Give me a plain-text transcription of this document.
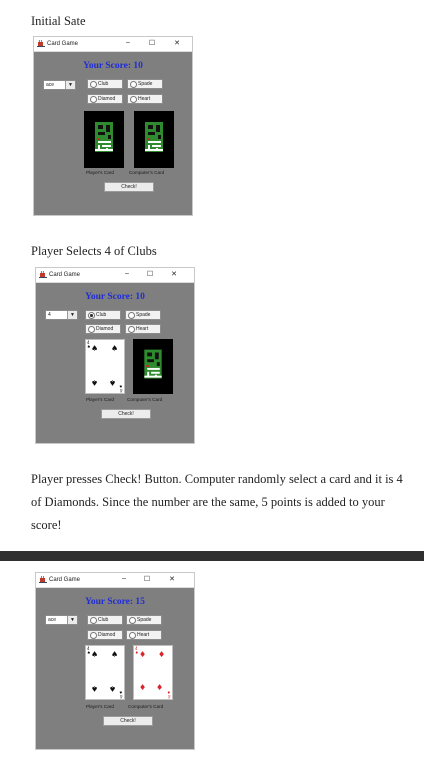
Initial Sate
Card Game	–	☐	✕
Your Score: 10
ace	▼	Club	Spade
Diamod	Heart
Player's Card	Computer's Card
Check!
Player Selects 4 of Clubs
Card Game	–	☐	✕
Your Score: 10
4	▼	Club	Spade
Diamod	Heart
4
♠ ♠ ♠
♠ ♠
4
♠
Player's Card	Computer's Card
Check!
Player presses Check! Button. Computer randomly select a card and it is 4 of Diamonds. Since the number are the same, 5 points is added to your score!
Card Game	–	☐	✕
Your Score: 15
ace	▼	Club	Spade
Diamod	Heart
4
♠ ♠ ♠
♠ ♠
4
♠
4
♦ ♦ ♦
♦ ♦
4
♦
Player's Card	Computer's Card
Check!
